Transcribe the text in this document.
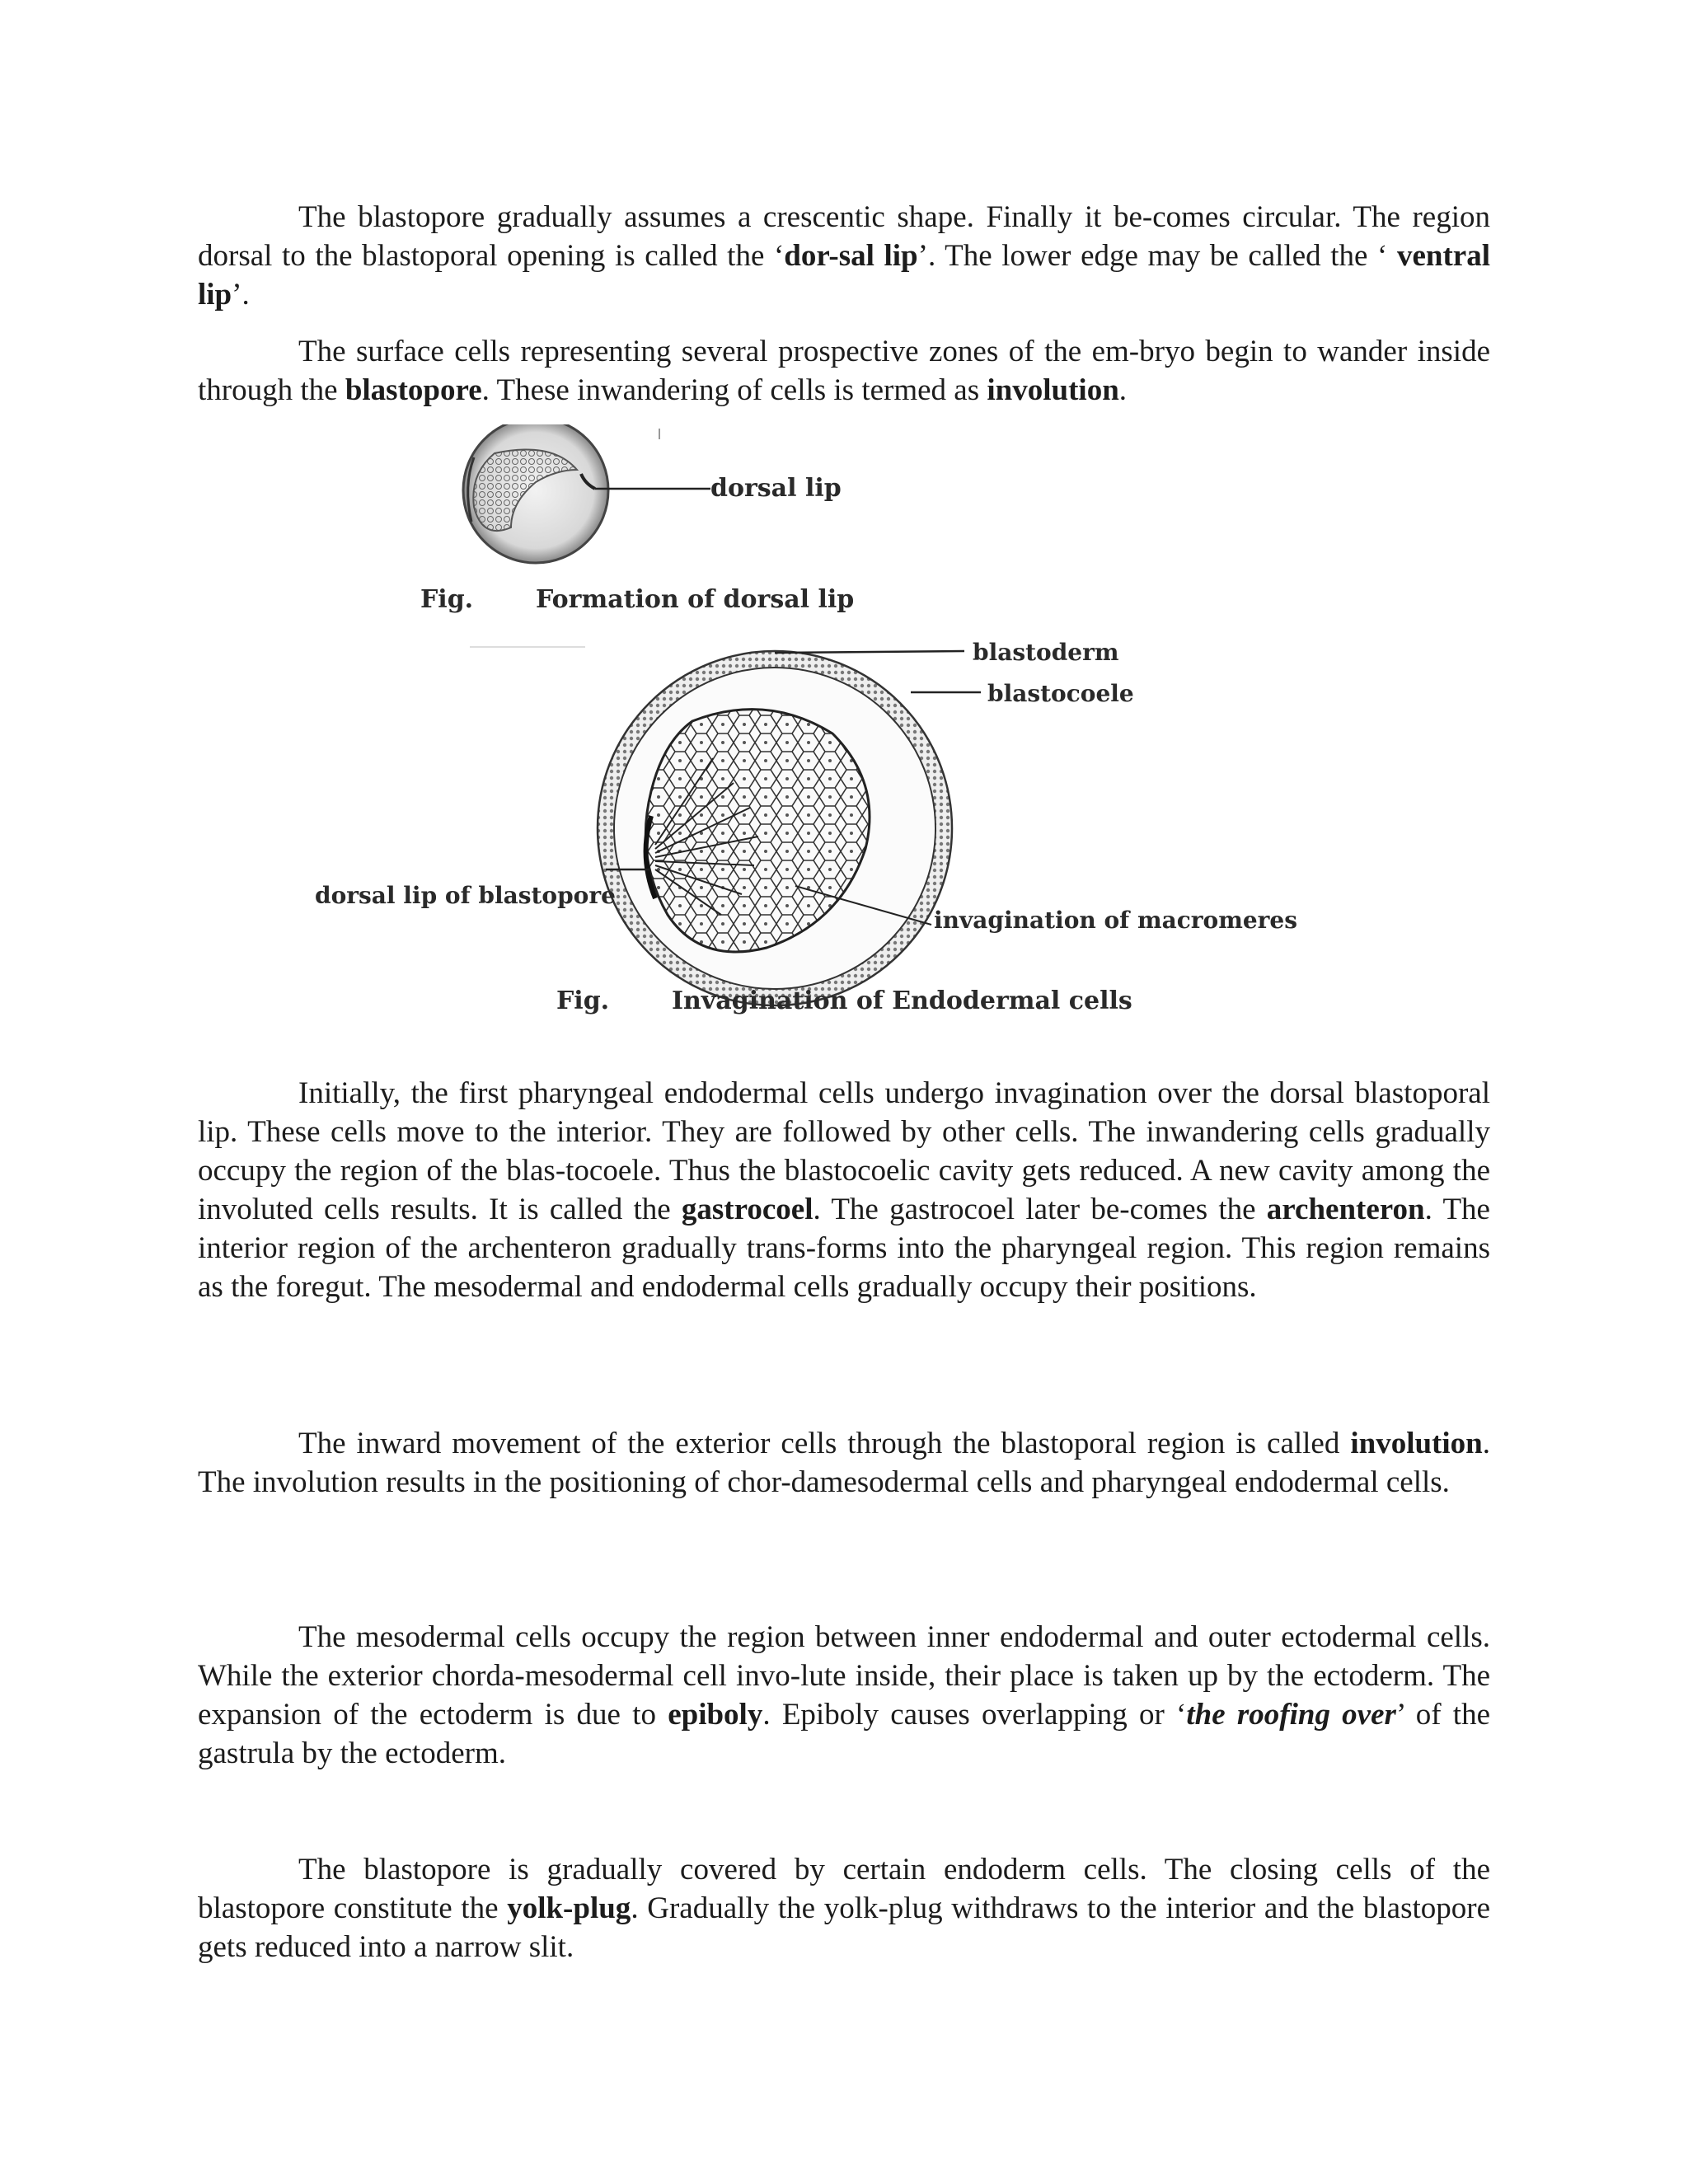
The blastopore gradually assumes a crescentic shape. Finally it be-comes circular. The region dorsal to the blastoporal opening is called the ‘dor-sal lip’. The lower edge may be called the ‘ ventral lip’.

The surface cells representing several prospective zones of the em-bryo begin to wander inside through the blastopore. These inwandering of cells is termed as involution.

dorsal lip
Fig.	Formation of dorsal lip
blastoderm
blastocoele
dorsal lip of blastopore
invagination of macromeres
Fig.	Invagination of Endodermal cells

Initially, the first pharyngeal endodermal cells undergo invagination over the dorsal blastoporal lip. These cells move to the interior. They are followed by other cells. The inwandering cells gradually occupy the region of the blas-tocoele. Thus the blastocoelic cavity gets reduced. A new cavity among the involuted cells results. It is called the gastrocoel. The gastrocoel later be-comes the archenteron. The interior region of the archenteron gradually trans-forms into the pharyngeal region. This region remains as the foregut. The mesodermal and endodermal cells gradually occupy their positions.

The inward movement of the exterior cells through the blastoporal region is called involution. The involution results in the positioning of chor-damesodermal cells and pharyngeal endodermal cells.

The mesodermal cells occupy the region between inner endodermal and outer ectodermal cells. While the exterior chorda-mesodermal cell invo-lute inside, their place is taken up by the ectoderm. The expansion of the ectoderm is due to epiboly. Epiboly causes overlapping or ‘the roofing over’ of the gastrula by the ectoderm.

The blastopore is gradually covered by certain endoderm cells. The closing cells of the blastopore constitute the yolk-plug. Gradually the yolk-plug withdraws to the interior and the blastopore gets reduced into a narrow slit.
